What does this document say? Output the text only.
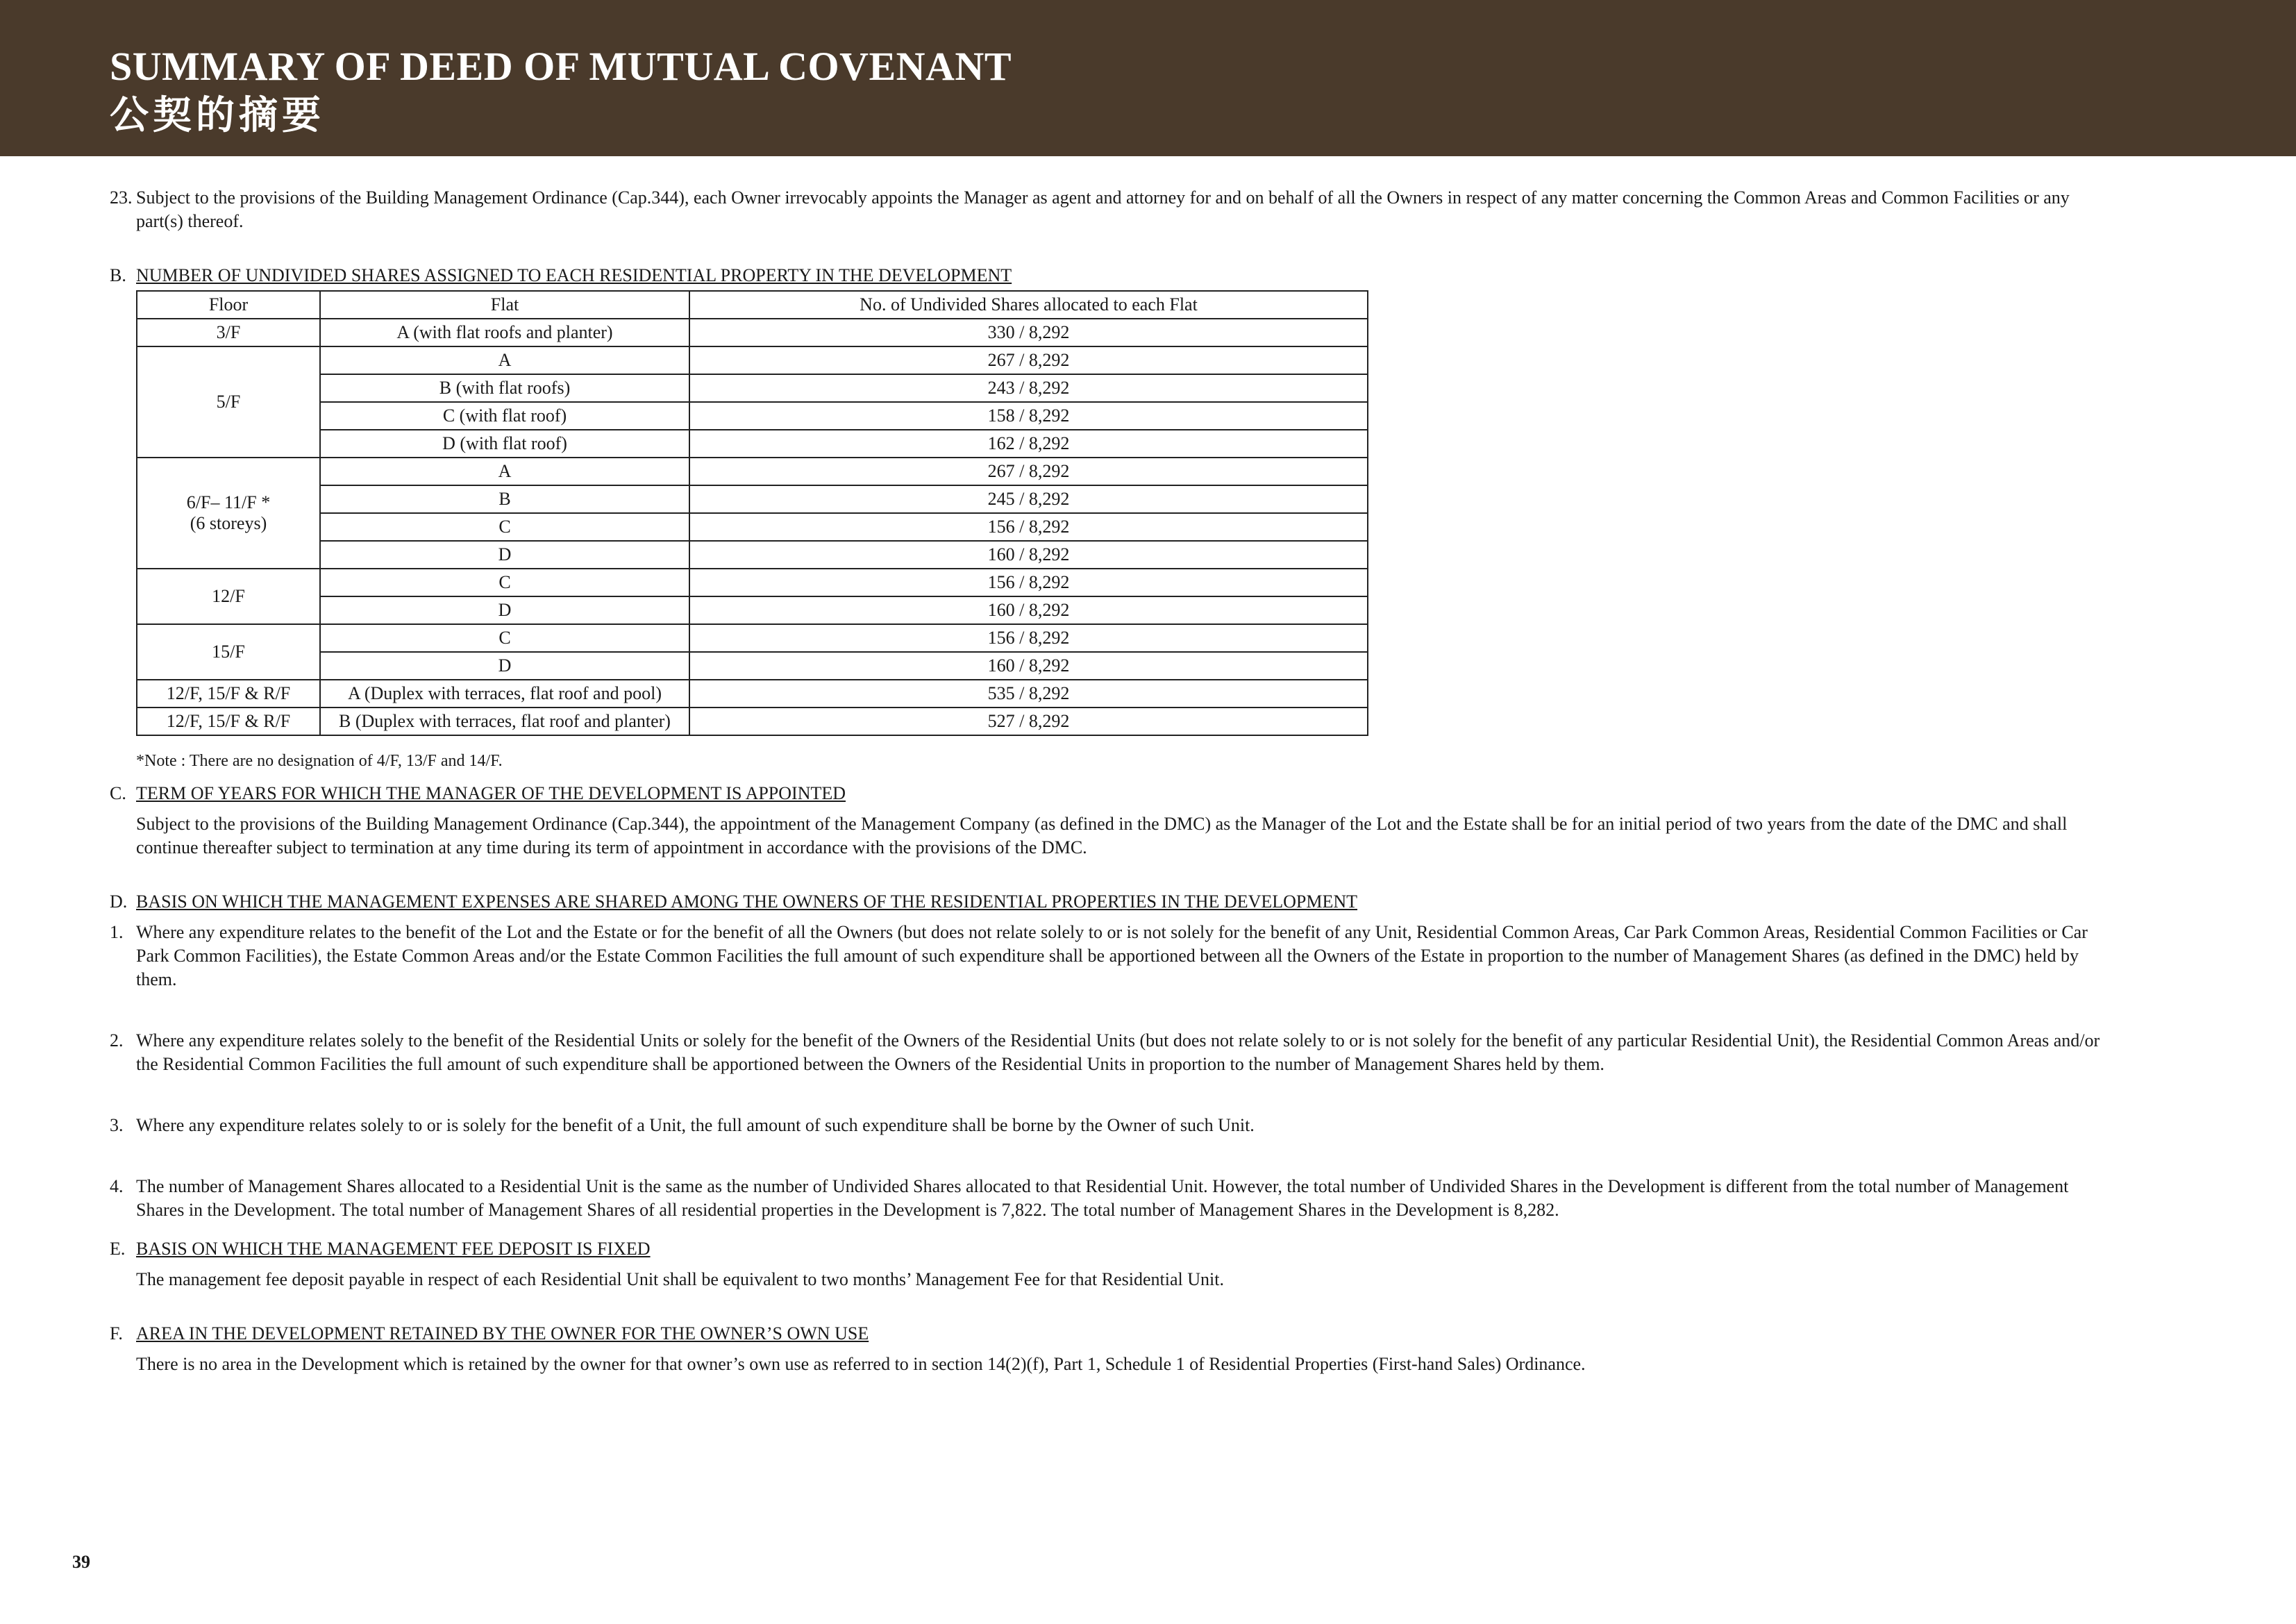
SUMMARY OF DEED OF MUTUAL COVENANT
公契的摘要
23. Subject to the provisions of the Building Management Ordinance (Cap.344), each Owner irrevocably appoints the Manager as agent and attorney for and on behalf of all the Owners in respect of any matter concerning the Common Areas and Common Facilities or any part(s) thereof.
B. NUMBER OF UNDIVIDED SHARES ASSIGNED TO EACH RESIDENTIAL PROPERTY IN THE DEVELOPMENT
Floor	Flat	No. of Undivided Shares allocated to each Flat

3/F	A (with flat roofs and planter)	330 / 8,292

5/F	A	267 / 8,292
	B (with flat roofs)	243 / 8,292
	C (with flat roof)	158 / 8,292
	D (with flat roof)	162 / 8,292

6/F– 11/F *
(6 storeys)	A	267 / 8,292
	B	245 / 8,292
	C	156 / 8,292
	D	160 / 8,292

12/F	C	156 / 8,292
	D	160 / 8,292

15/F	C	156 / 8,292
	D	160 / 8,292

12/F, 15/F & R/F	A (Duplex with terraces, flat roof and pool)	535 / 8,292

12/F, 15/F & R/F	B (Duplex with terraces, flat roof and planter)	527 / 8,292
*Note : There are no designation of 4/F, 13/F and 14/F.
C. TERM OF YEARS FOR WHICH THE MANAGER OF THE DEVELOPMENT IS APPOINTED

Subject to the provisions of the Building Management Ordinance (Cap.344), the appointment of the Management Company (as defined in the DMC) as the Manager of the Lot and the Estate shall be for an initial period of two years from the date of the DMC and shall continue thereafter subject to termination at any time during its term of appointment in accordance with the provisions of the DMC.

D. BASIS ON WHICH THE MANAGEMENT EXPENSES ARE SHARED AMONG THE OWNERS OF THE RESIDENTIAL PROPERTIES IN THE DEVELOPMENT
1. Where any expenditure relates to the benefit of the Lot and the Estate or for the benefit of all the Owners (but does not relate solely to or is not solely for the benefit of any Unit, Residential Common Areas, Car Park Common Areas, Residential Common Facilities or Car Park Common Facilities), the Estate Common Areas and/or the Estate Common Facilities the full amount of such expenditure shall be apportioned between all the Owners of the Estate in proportion to the number of Management Shares (as defined in the DMC) held by them.
2. Where any expenditure relates solely to the benefit of the Residential Units or solely for the benefit of the Owners of the Residential Units (but does not relate solely to or is not solely for the benefit of any particular Residential Unit), the Residential Common Areas and/or the Residential Common Facilities the full amount of such expenditure shall be apportioned between the Owners of the Residential Units in proportion to the number of Management Shares held by them.
3. Where any expenditure relates solely to or is solely for the benefit of a Unit, the full amount of such expenditure shall be borne by the Owner of such Unit.
4. The number of Management Shares allocated to a Residential Unit is the same as the number of Undivided Shares allocated to that Residential Unit. However, the total number of Undivided Shares in the Development is different from the total number of Management Shares in the Development. The total number of Management Shares of all residential properties in the Development is 7,822. The total number of Management Shares in the Development is 8,282.
E. BASIS ON WHICH THE MANAGEMENT FEE DEPOSIT IS FIXED

The management fee deposit payable in respect of each Residential Unit shall be equivalent to two months’ Management Fee for that Residential Unit.

F. AREA IN THE DEVELOPMENT RETAINED BY THE OWNER FOR THE OWNER’S OWN USE

There is no area in the Development which is retained by the owner for that owner’s own use as referred to in section 14(2)(f), Part 1, Schedule 1 of Residential Properties (First-hand Sales) Ordinance.

39
